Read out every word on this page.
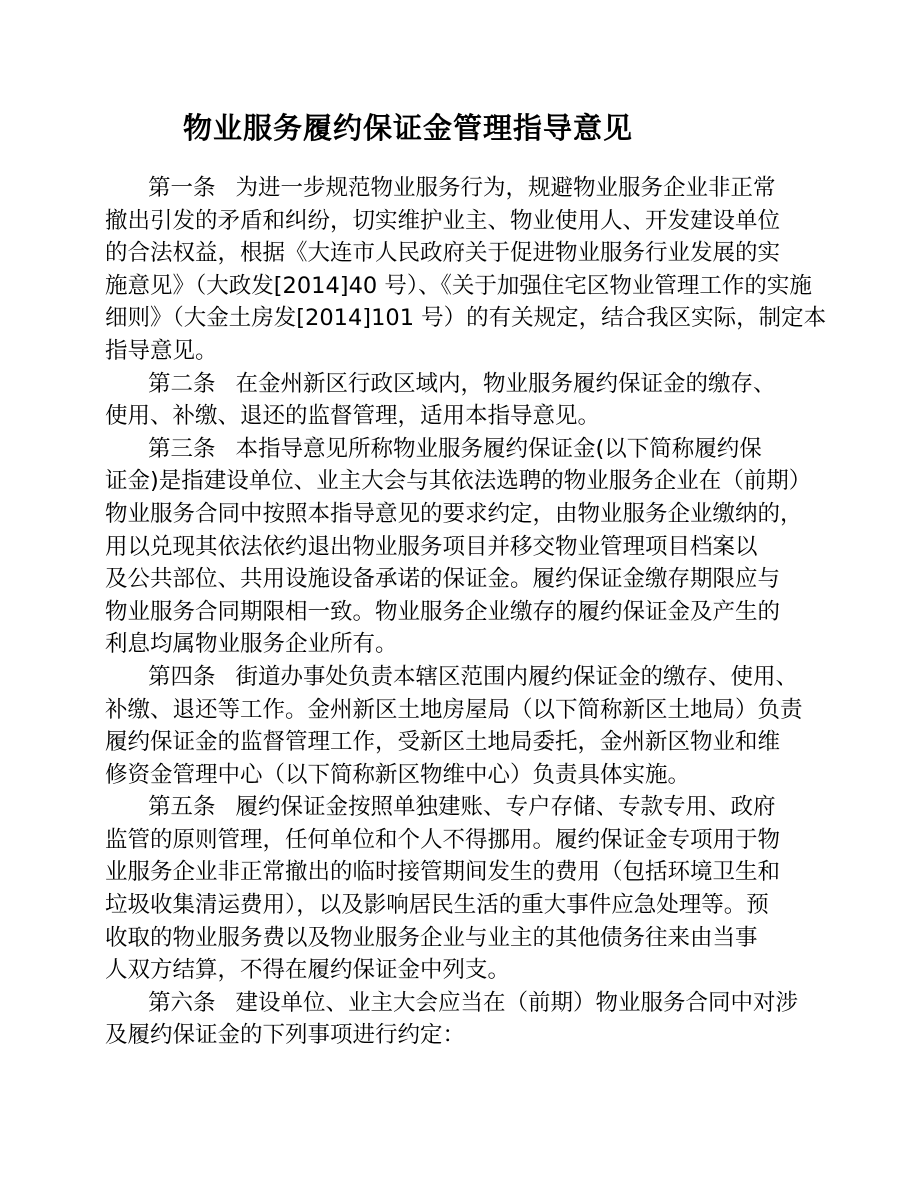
物业服务履约保证金管理指导意见
第一条 为进一步规范物业服务行为，规避物业服务企业非正常
撤出引发的矛盾和纠纷，切实维护业主、物业使用人、开发建设单位
的合法权益，根据《大连市人民政府关于促进物业服务行业发展的实
施意见》（大政发[2014]40 号）、《关于加强住宅区物业管理工作的实施
细则》（大金土房发[2014]101 号）的有关规定，结合我区实际，制定本
指导意见。
第二条 在金州新区行政区域内，物业服务履约保证金的缴存、
使用、补缴、退还的监督管理，适用本指导意见。
第三条 本指导意见所称物业服务履约保证金(以下简称履约保
证金)是指建设单位、业主大会与其依法选聘的物业服务企业在（前期）
物业服务合同中按照本指导意见的要求约定，由物业服务企业缴纳的，
用以兑现其依法依约退出物业服务项目并移交物业管理项目档案以
及公共部位、共用设施设备承诺的保证金。履约保证金缴存期限应与
物业服务合同期限相一致。物业服务企业缴存的履约保证金及产生的
利息均属物业服务企业所有。
第四条 街道办事处负责本辖区范围内履约保证金的缴存、使用、
补缴、退还等工作。金州新区土地房屋局（以下简称新区土地局）负责
履约保证金的监督管理工作，受新区土地局委托，金州新区物业和维
修资金管理中心（以下简称新区物维中心）负责具体实施。
第五条 履约保证金按照单独建账、专户存储、专款专用、政府
监管的原则管理，任何单位和个人不得挪用。履约保证金专项用于物
业服务企业非正常撤出的临时接管期间发生的费用（包括环境卫生和
垃圾收集清运费用），以及影响居民生活的重大事件应急处理等。预
收取的物业服务费以及物业服务企业与业主的其他债务往来由当事
人双方结算，不得在履约保证金中列支。
第六条 建设单位、业主大会应当在（前期）物业服务合同中对涉
及履约保证金的下列事项进行约定：
